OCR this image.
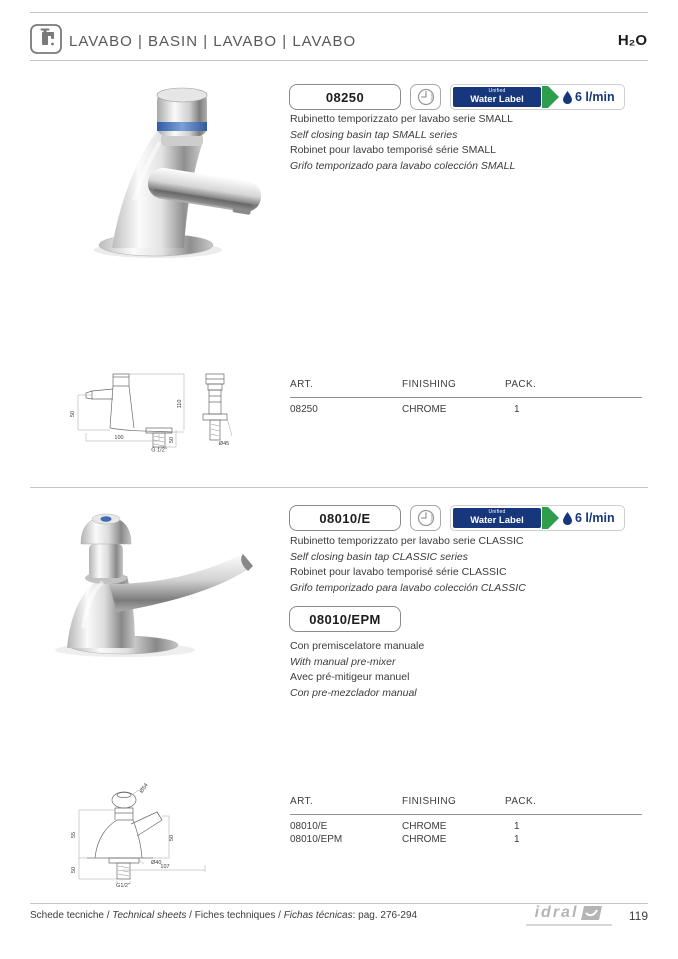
LAVABO | BASIN | LAVABO | LAVABO	H₂O
08250	Unified
Water Label	6 l/min
Rubinetto temporizzato per lavabo serie SMALL
Self closing basin tap SMALL series
Robinet pour lavabo temporisé série SMALL
Grifo temporizado para lavabo colección SMALL
50
110
100	50
G 1/2"
Ø45
ART.	FINISHING	PACK.
08250	CHROME	1
08010/E	Unified
Water Label	6 l/min
Rubinetto temporizzato per lavabo serie CLASSIC
Self closing basin tap CLASSIC series
Robinet pour lavabo temporisé série CLASSIC
Grifo temporizado para lavabo colección CLASSIC
08010/EPM
Con premiscelatore manuale
With manual pre-mixer
Avec pré-mitigeur manuel
Con pre-mezclador manual
Ø54
55
50
50
Ø40
107
G1/2"
ART.	FINISHING	PACK.
08010/E	CHROME	1
08010/EPM	CHROME	1
Schede tecniche / Technical sheets / Fiches techniques / Fichas técnicas: pag. 276-294	idral	119
